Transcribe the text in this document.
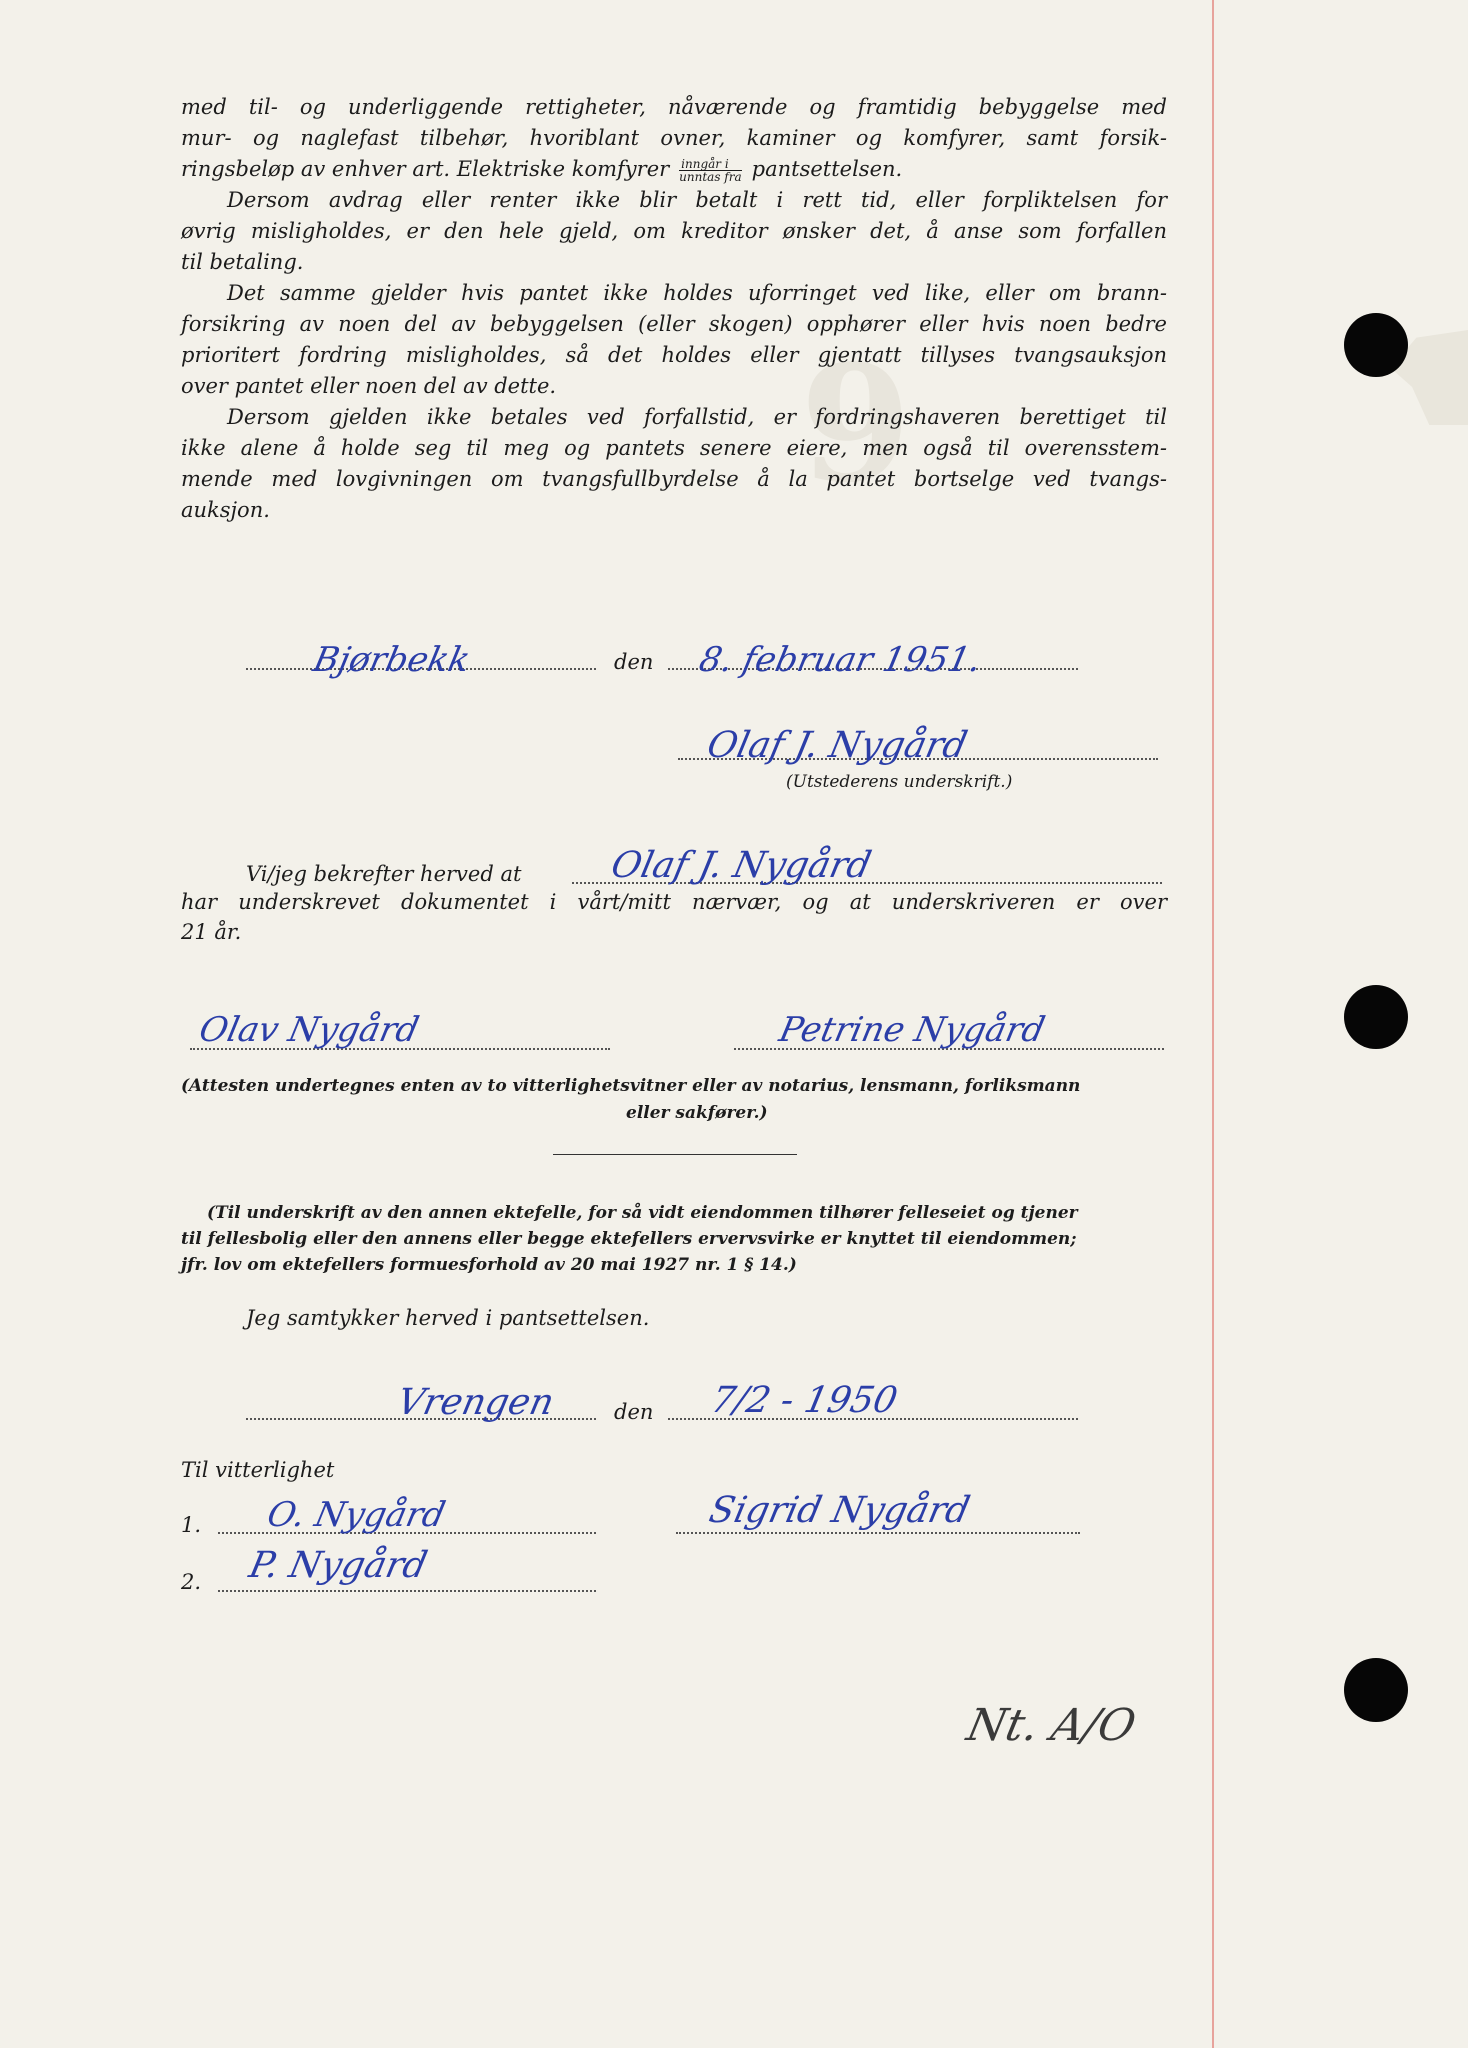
9
med til- og underliggende rettigheter, nåværende og framtidig bebyggelse med
mur- og naglefast tilbehør, hvoriblant ovner, kaminer og komfyrer, samt forsik-
ringsbeløp av enhver art. Elektriske komfyrer $\frac{\text{inngår i}}{\text{unntas fra}}$ pantsettelsen.
Dersom avdrag eller renter ikke blir betalt i rett tid, eller forpliktelsen for
øvrig misligholdes, er den hele gjeld, om kreditor ønsker det, å anse som forfallen
til betaling.
Det samme gjelder hvis pantet ikke holdes uforringet ved like, eller om brann-
forsikring av noen del av bebyggelsen (eller skogen) opphører eller hvis noen bedre
prioritert fordring misligholdes, så det holdes eller gjentatt tillyses tvangsauksjon
over pantet eller noen del av dette.
Dersom gjelden ikke betales ved forfallstid, er fordringshaveren berettiget til
ikke alene å holde seg til meg og pantets senere eiere, men også til overensstem-
mende med lovgivningen om tvangsfullbyrdelse å la pantet bortselge ved tvangs-
auksjon.
Bjørbekk	den 8. februar 1951.
Olaf J. Nygård
(Utstederens underskrift.)
Vi/jeg bekrefter herved at Olaf J. Nygård
har underskrevet dokumentet i vårt/mitt nærvær, og at underskriveren er over
21 år.
Olav Nygård	Petrine Nygård
(Attesten undertegnes enten av to vitterlighetsvitner eller av notarius, lensmann, forliksmann
eller sakfører.)
(Til underskrift av den annen ektefelle, for så vidt eiendommen tilhører felleseiet og tjener
til fellesbolig eller den annens eller begge ektefellers ervervsvirke er knyttet til eiendommen;
jfr. lov om ektefellers formuesforhold av 20 mai 1927 nr. 1 § 14.)
Jeg samtykker herved i pantsettelsen.
Vrengen	den 7/2 - 1950
Til vitterlighet
1. O. Nygård	Sigrid Nygård
2. P. Nygård
Nt. A/O
